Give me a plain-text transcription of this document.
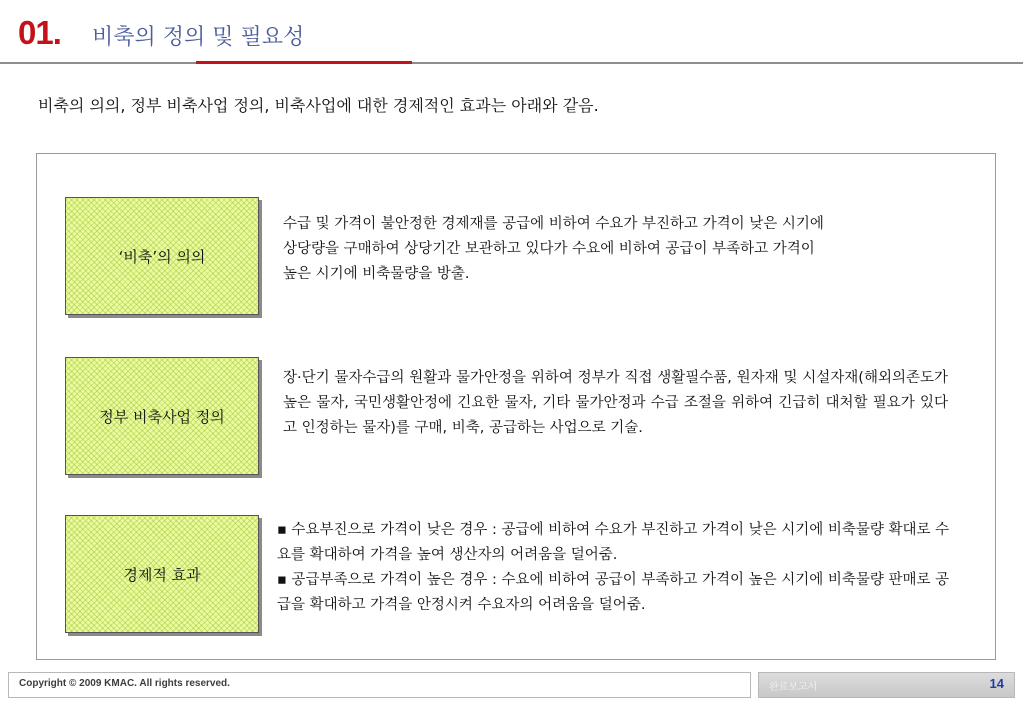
01. 비축의 정의 및 필요성
비축의 의의, 정부 비축사업 정의, 비축사업에 대한 경제적인 효과는 아래와 같음.
‘비축’의 의의
수급 및 가격이 불안정한 경제재를 공급에 비하여 수요가 부진하고 가격이 낮은 시기에
상당량을 구매하여 상당기간 보관하고 있다가 수요에 비하여 공급이 부족하고 가격이
높은 시기에 비축물량을 방출.
정부 비축사업 정의
장·단기 물자수급의 원활과 물가안정을 위하여 정부가 직접 생활필수품, 원자재 및 시설자재(해외의존도가 높은 물자, 국민생활안정에 긴요한 물자, 기타 물가안정과 수급 조절을 위하여 긴급히 대처할 필요가 있다고 인정하는 물자)를 구매, 비축, 공급하는 사업으로 기술.
경제적 효과

▪ 수요부진으로 가격이 낮은 경우 : 공급에 비하여 수요가 부진하고 가격이 낮은 시기에 비축물량 확대로 수요를 확대하여 가격을 높여 생산자의 어려움을 덜어줌.

▪ 공급부족으로 가격이 높은 경우 : 수요에 비하여 공급이 부족하고 가격이 높은 시기에 비축물량 판매로 공급을 확대하고 가격을 안정시켜 수요자의 어려움을 덜어줌.

Copyright © 2009 KMAC. All rights reserved.	완료보고서	14
